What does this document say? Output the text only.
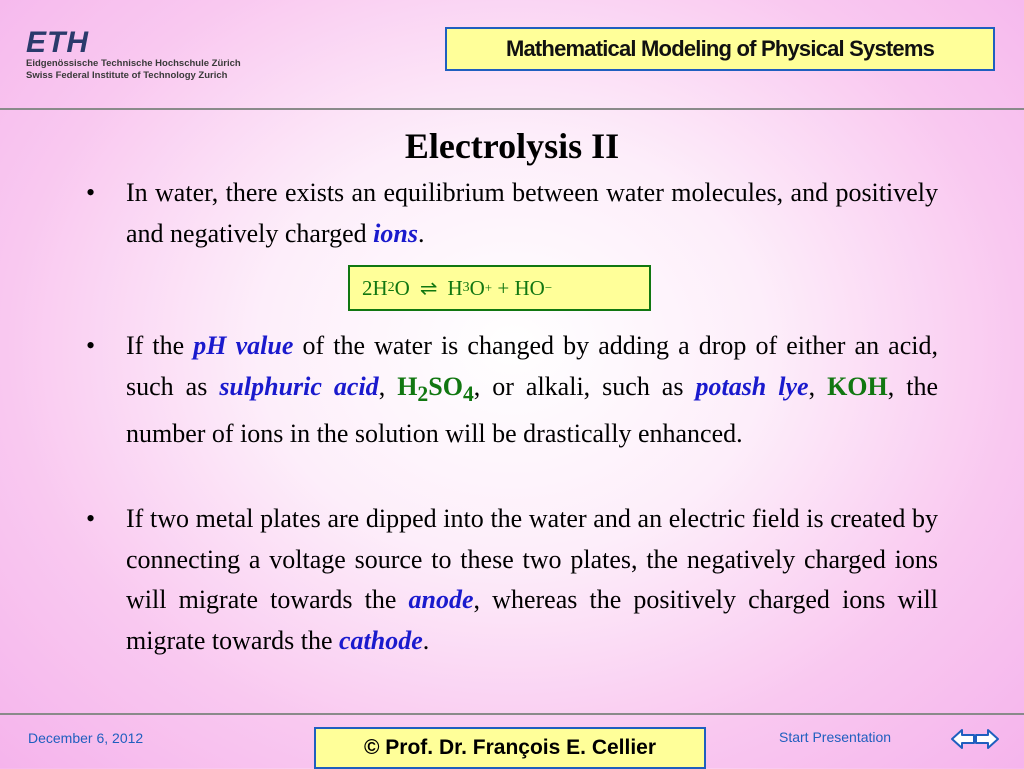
ETH
Eidgenössische Technische Hochschule Zürich
Swiss Federal Institute of Technology Zurich
Mathematical Modeling of Physical Systems
Electrolysis II
• In water, there exists an equilibrium between water molecules, and positively and negatively charged ions.
2H 2 O ⇌ H 3 O +
+ HO −
• If the pH value of the water is changed by adding a drop of either an acid, such as sulphuric acid, $H_2SO_4$, or alkali, such as potash lye, KOH, the number of ions in the solution will be drastically enhanced.
• If two metal plates are dipped into the water and an electric field is created by connecting a voltage source to these two plates, the negatively charged ions will migrate towards the anode, whereas the positively charged ions will migrate towards the cathode.
December 6, 2012	© Prof. Dr. François E. Cellier	Start Presentation
